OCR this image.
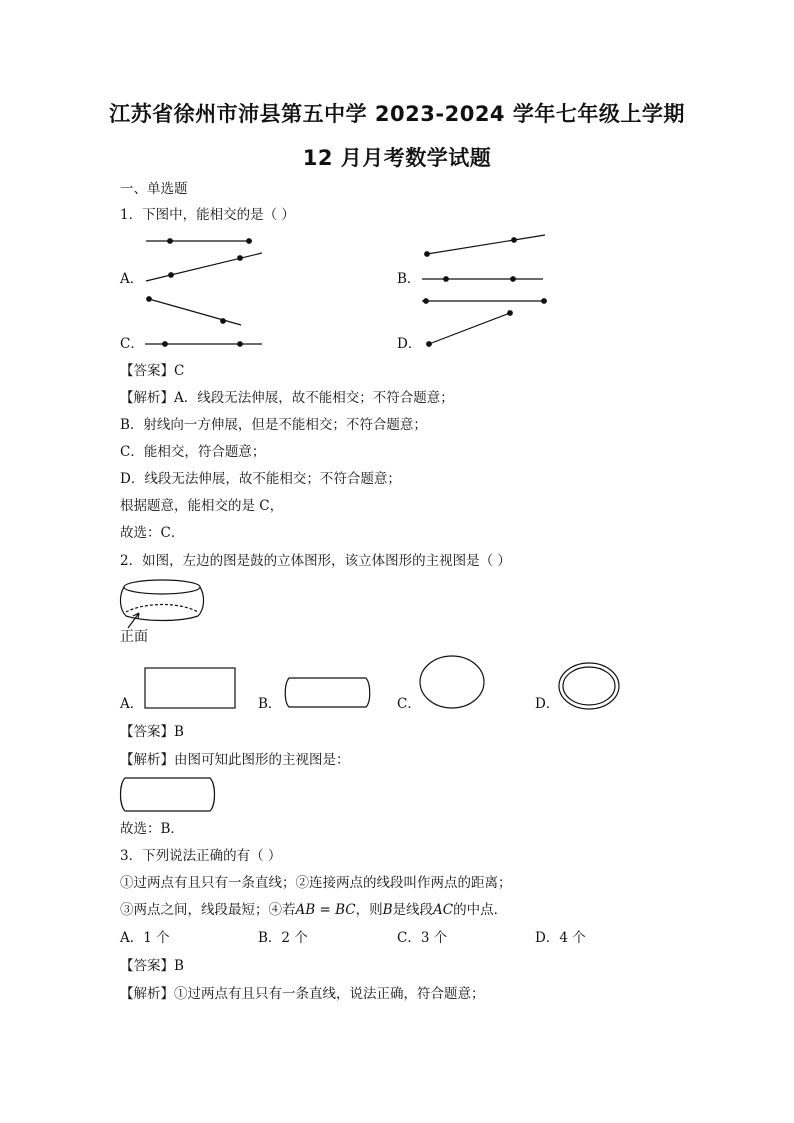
江苏省徐州市沛县第五中学 2023-2024 学年七年级上学期
12 月月考数学试题
一、单选题
1．下图中，能相交的是（ ）
A．	B．
C．	D．
【答案】C
【解析】A．线段无法伸展，故不能相交；不符合题意；
B．射线向一方伸展，但是不能相交；不符合题意；
C．能相交，符合题意；
D．线段无法伸展，故不能相交；不符合题意；
根据题意，能相交的是 C，
故选：C．
2．如图，左边的图是鼓的立体图形，该立体图形的主视图是（ ）
正面
A．	B．	C．	D．
【答案】B
【解析】由图可知此图形的主视图是：
故选：B．
3．下列说法正确的有（ ）
①过两点有且只有一条直线；②连接两点的线段叫作两点的距离；
③两点之间，线段最短；④若AB = BC，则B是线段AC的中点．
A．1 个	B．2 个	C．3 个	D．4 个
【答案】B
【解析】①过两点有且只有一条直线，说法正确，符合题意；
